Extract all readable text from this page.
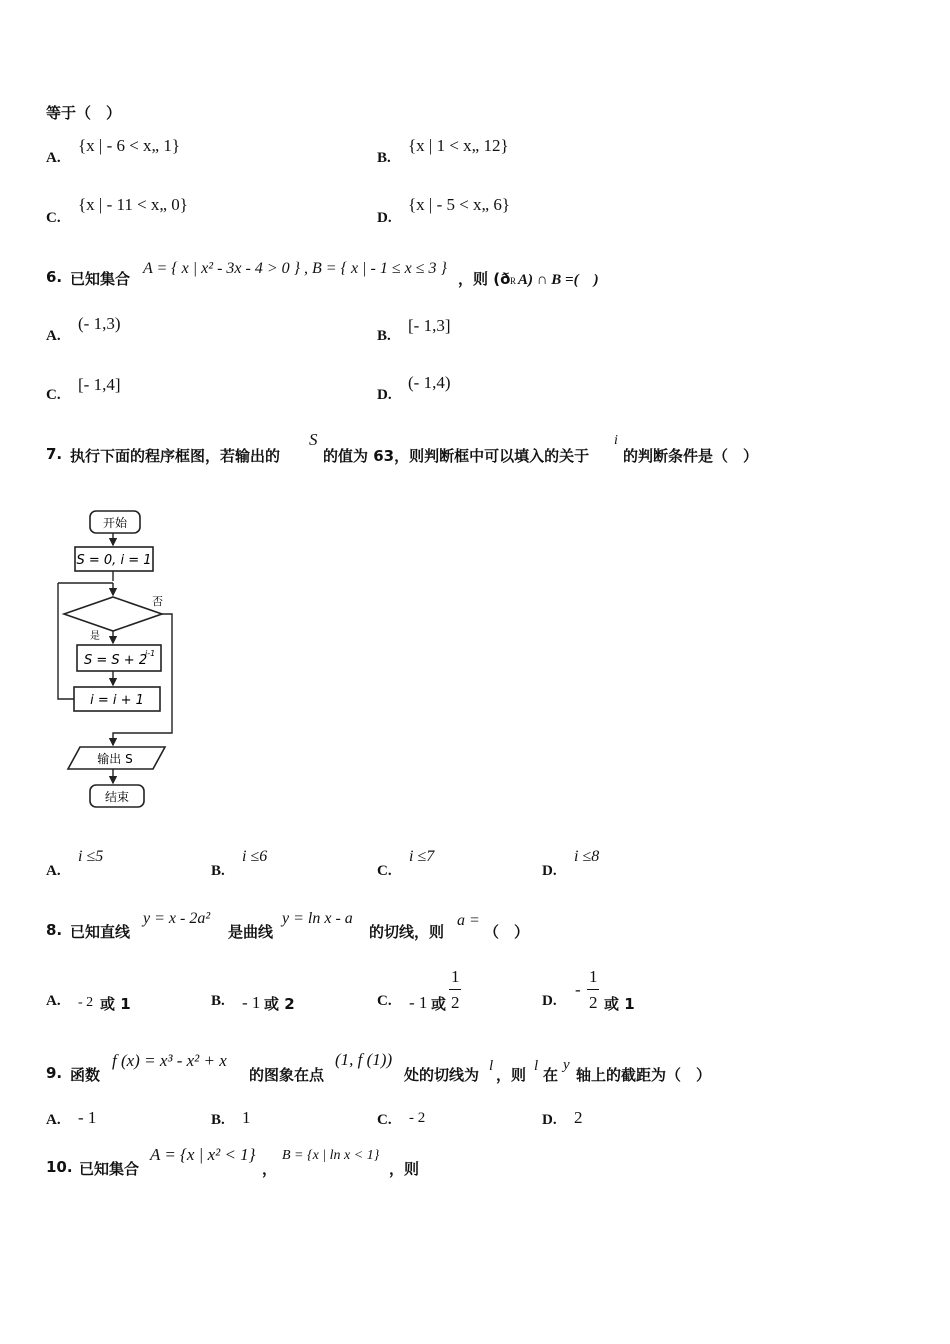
等于（　）
A.
{x | - 6 < x„ 1}
B.
{x | 1 < x„ 12}
C.
{x | - 11 < x„ 0}
D.
{x | - 5 < x„ 6}
6. 已知集合
A = { x | x² - 3x - 4 > 0 } , B = { x | - 1 ≤ x ≤ 3 }
，则 (ð R A) ∩ B =(　)
A.
(- 1,3)
B.
[- 1,3]
C.
[- 1,4]
D.
(- 1,4)
7. 执行下面的程序框图，若输出的
S
的值为 63，则判断框中可以填入的关于
i
的判断条件是（　）
开始
S = 0, i = 1
否
是
S = S + 2
i-1
i = i + 1
输出 S
结束
A.
i ≤5
B.
i ≤6
C.
i ≤7
D.
i ≤8
8. 已知直线
y = x - 2a²
是曲线
y = ln x - a
的切线，则
a =
（　）
A. - 2 或 1	B. - 1 或 2	C. - 1 或
1
2	D.
-
1
2 或 1
9. 函数
f (x) = x³ - x² + x
的图象在点
(1, f (1))
处的切线为 l ，则 l 在
y
轴上的截距为（　）
A. - 1	B. 1	C. - 2	D. 2
10. 已知集合
A = {x | x² < 1}
，
B = {x | ln x < 1}
，则
